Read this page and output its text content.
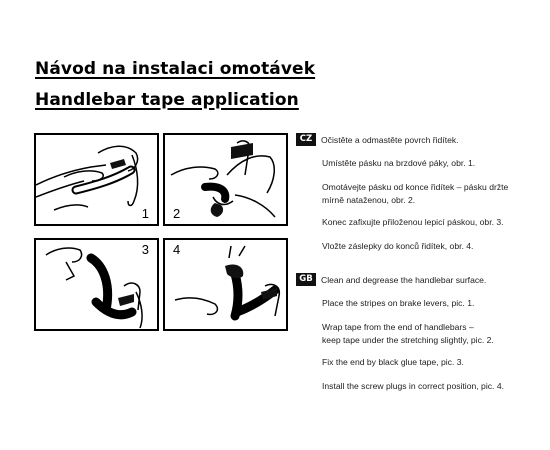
Návod na instalaci omotávek
Handlebar tape application
1 2
3 4
CZ	Očistěte a odmastěte povrch řidítek.
Umístěte pásku na brzdové páky, obr. 1.
Omotávejte pásku od konce řidítek – pásku držte
mírně nataženou, obr. 2.
Konec zafixujte přiloženou lepicí páskou, obr. 3.
Vložte záslepky do konců řidítek, obr. 4.
GB Clean and degrease the handlebar surface.
Place the stripes on brake levers, pic. 1.
Wrap tape from the end of handlebars –
keep tape under the stretching slightly, pic. 2.
Fix the end by black glue tape, pic. 3.
Install the screw plugs in correct position, pic. 4.
